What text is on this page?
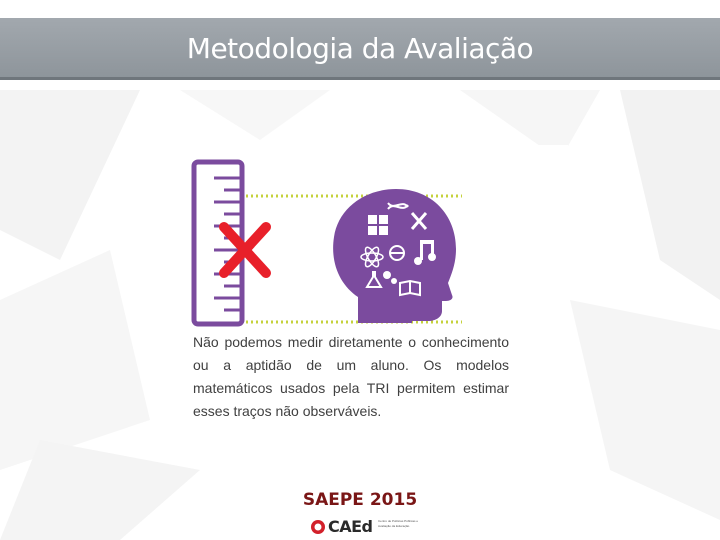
Metodologia da Avaliação
Não podemos medir diretamente o conhecimento ou a aptidão de um aluno. Os modelos matemáticos usados pela TRI permitem estimar esses traços não observáveis.
SAEPE 2015
CAEd Centro de Políticas Públicas e Avaliação da Educação
